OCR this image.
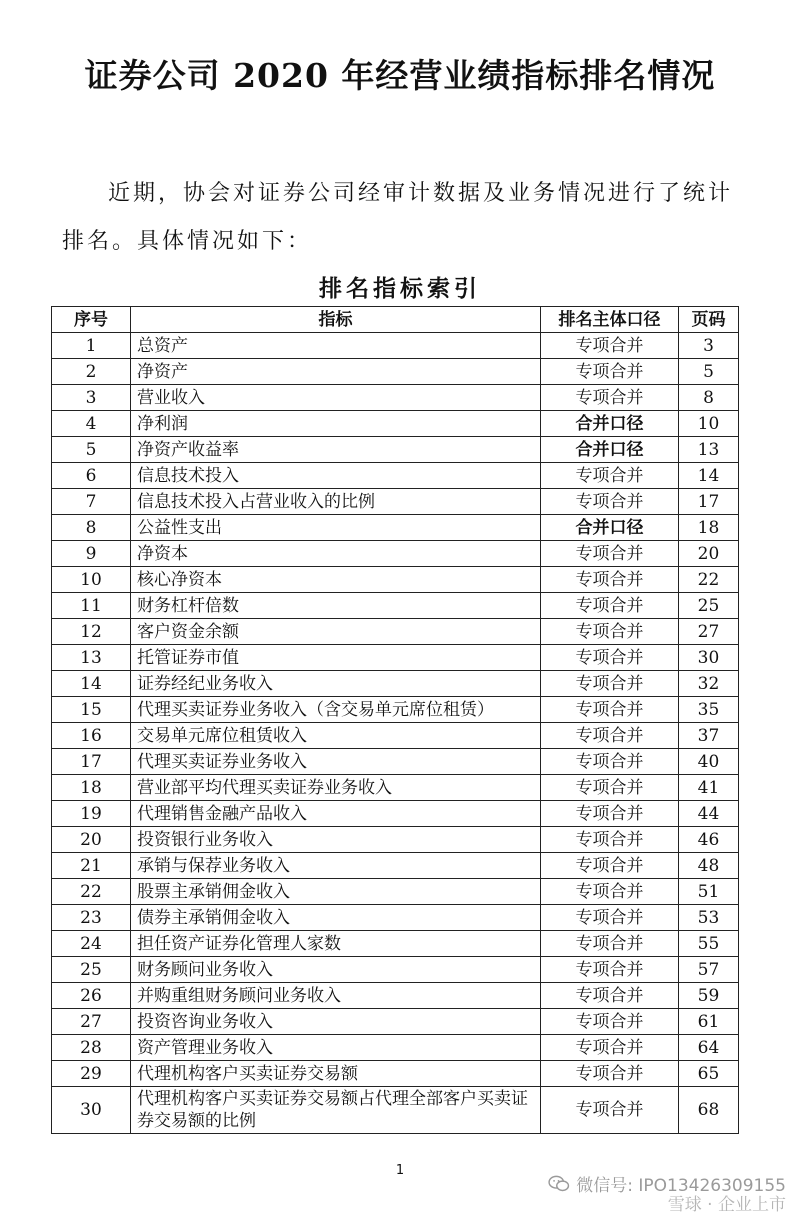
证券公司 2020 年经营业绩指标排名情况
近期，协会对证券公司经审计数据及业务情况进行了统计排名。具体情况如下：
排名指标索引
序号	指标	排名主体口径	页码
1	总资产	专项合并	3
2	净资产	专项合并	5
3	营业收入	专项合并	8
4	净利润	合并口径	10
5	净资产收益率	合并口径	13
6	信息技术投入	专项合并	14
7	信息技术投入占营业收入的比例	专项合并	17
8	公益性支出	合并口径	18
9	净资本	专项合并	20
10	核心净资本	专项合并	22
11	财务杠杆倍数	专项合并	25
12	客户资金余额	专项合并	27
13	托管证券市值	专项合并	30
14	证券经纪业务收入	专项合并	32
15	代理买卖证券业务收入（含交易单元席位租赁）	专项合并	35
16	交易单元席位租赁收入	专项合并	37
17	代理买卖证券业务收入	专项合并	40
18	营业部平均代理买卖证券业务收入	专项合并	41
19	代理销售金融产品收入	专项合并	44
20	投资银行业务收入	专项合并	46
21	承销与保荐业务收入	专项合并	48
22	股票主承销佣金收入	专项合并	51
23	债券主承销佣金收入	专项合并	53
24	担任资产证券化管理人家数	专项合并	55
25	财务顾问业务收入	专项合并	57
26	并购重组财务顾问业务收入	专项合并	59
27	投资咨询业务收入	专项合并	61
28	资产管理业务收入	专项合并	64
29	代理机构客户买卖证券交易额	专项合并	65
30	代理机构客户买卖证券交易额占代理全部客户买卖证券交易额的比例	专项合并	68
1
微信号: IPO13426309155
雪球 · 企业上市
